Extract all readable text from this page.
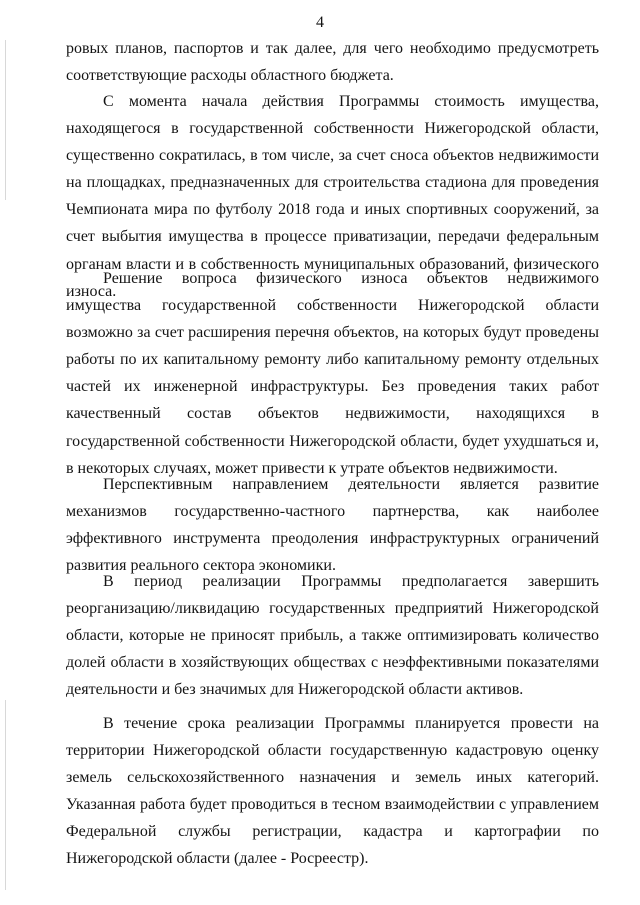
4

ровых планов, паспортов и так далее, для чего необходимо предусмотреть соответствующие расходы областного бюджета.

С момента начала действия Программы стоимость имущества, находящегося в государственной собственности Нижегородской области, существенно сократилась, в том числе, за счет сноса объектов недвижимости на площадках, предназначенных для строительства стадиона для проведения Чемпионата мира по футболу 2018 года и иных спортивных сооружений, за счет выбытия имущества в процессе приватизации, передачи федеральным органам власти и в собственность муниципальных образований, физического износа.

Решение вопроса физического износа объектов недвижимого имущества государственной собственности Нижегородской области возможно за счет расширения перечня объектов, на которых будут проведены работы по их капитальному ремонту либо капитальному ремонту отдельных частей их инженерной инфраструктуры. Без проведения таких работ качественный состав объектов недвижимости, находящихся в государственной собственности Нижегородской области, будет ухудшаться и, в некоторых случаях, может привести к утрате объектов недвижимости.

Перспективным направлением деятельности является развитие механизмов государственно-частного партнерства, как наиболее эффективного инструмента преодоления инфраструктурных ограничений развития реального сектора экономики.

В период реализации Программы предполагается завершить реорганизацию/ликвидацию государственных предприятий Нижегородской области, которые не приносят прибыль, а также оптимизировать количество долей области в хозяйствующих обществах с неэффективными показателями деятельности и без значимых для Нижегородской области активов.

В течение срока реализации Программы планируется провести на территории Нижегородской области государственную кадастровую оценку земель сельскохозяйственного назначения и земель иных категорий. Указанная работа будет проводиться в тесном взаимодействии с управлением Федеральной службы регистрации, кадастра и картографии по Нижегородской области (далее - Росреестр).
